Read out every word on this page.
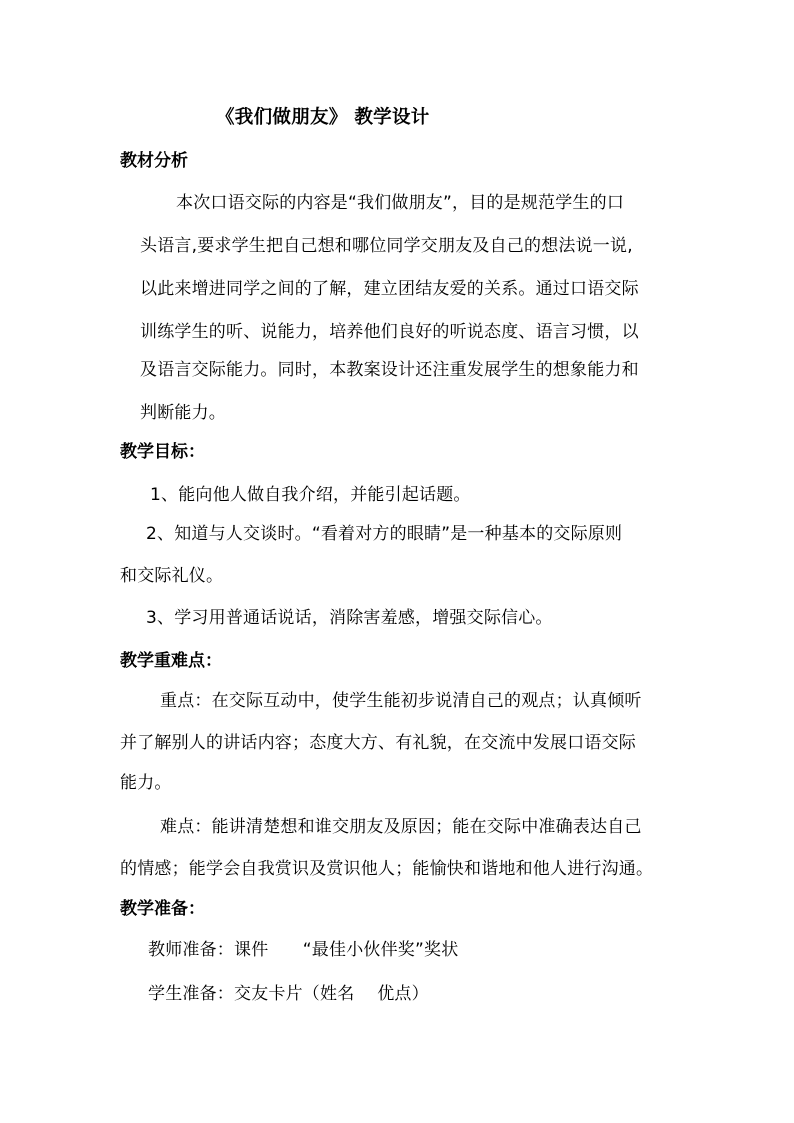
《我们做朋友》 教学设计
教材分析
本次口语交际的内容是“我们做朋友”，目的是规范学生的口
头语言,要求学生把自己想和哪位同学交朋友及自己的想法说一说,
以此来增进同学之间的了解，建立团结友爱的关系。通过口语交际
训练学生的听、说能力，培养他们良好的听说态度、语言习惯，以
及语言交际能力。同时，本教案设计还注重发展学生的想象能力和
判断能力。
教学目标：
1、能向他人做自我介绍，并能引起话题。
2、知道与人交谈时。“看着对方的眼睛”是一种基本的交际原则
和交际礼仪。
3、学习用普通话说话，消除害羞感，增强交际信心。
教学重难点：
重点：在交际互动中，使学生能初步说清自己的观点；认真倾听
并了解别人的讲话内容；态度大方、有礼貌，在交流中发展口语交际
能力。
难点：能讲清楚想和谁交朋友及原因；能在交际中准确表达自己
的情感；能学会自我赏识及赏识他人；能愉快和谐地和他人进行沟通。
教学准备：
教师准备：课件　　“最佳小伙伴奖”奖状
学生准备：交友卡片（姓名　 优点）
